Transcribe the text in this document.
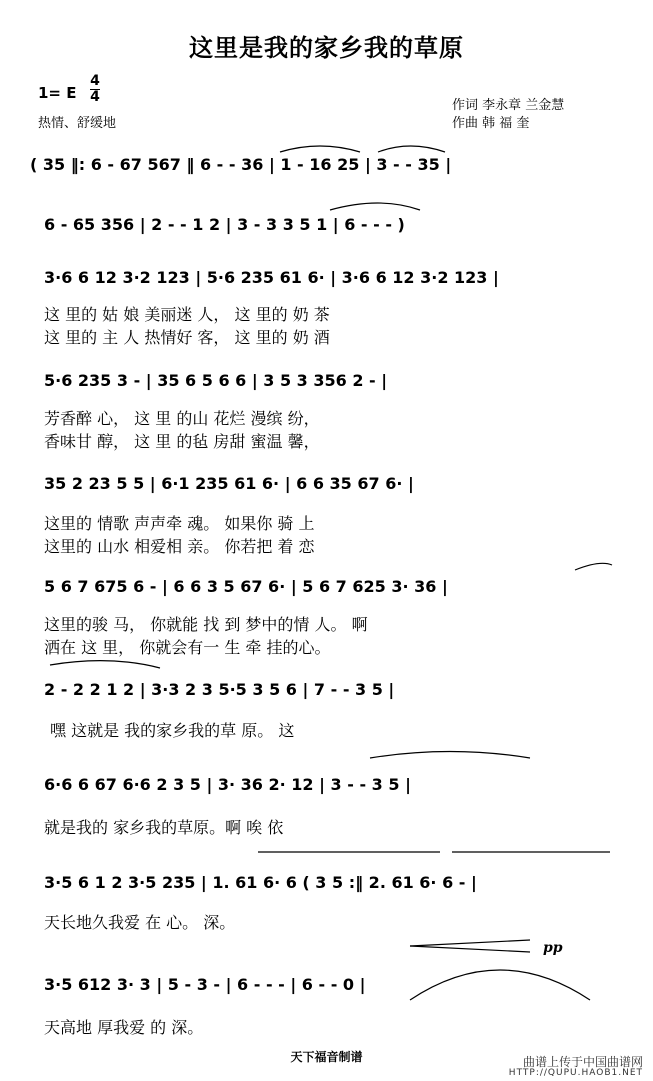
这里是我的家乡我的草原
1= E
4
4
热情、舒缓地
作词 李永章 兰金慧
作曲 韩 福 奎
( 35 ‖: 6 - 67 567 ‖ 6 - - 36 | 1 - 16 25 | 3 - - 35 |
6 - 65 356 | 2 - - 1 2 | 3 - 3 3 5 1 | 6 - - - )
3·6 6 12 3·2 123 | 5·6 235 61 6· | 3·6 6 12 3·2 123 |
这 里的 姑 娘 美丽迷 人， 这 里的 奶 茶
这 里的 主 人 热情好 客， 这 里的 奶 酒
5·6 235 3 - | 35 6 5 6 6 | 3 5 3 356 2 - |
芳香醉 心， 这 里 的山 花烂 漫缤 纷，
香味甘 醇， 这 里 的毡 房甜 蜜温 馨，
35 2 23 5 5 | 6·1 235 61 6· | 6 6 35 67 6· |
这里的 情歌 声声牵 魂。 如果你 骑 上
这里的 山水 相爱相 亲。 你若把 着 恋
5 6 7 675 6 - | 6 6 3 5 67 6· | 5 6 7 625 3· 36 |
这里的骏 马， 你就能 找 到 梦中的情 人。 啊
洒在 这 里， 你就会有一 生 牵 挂的心。
2 - 2 2 1 2 | 3·3 2 3 5·5 3 5 6 | 7 - - 3 5 |
嘿 这就是 我的家乡我的草 原。 这
6·6 6 67 6·6 2 3 5 | 3· 36 2· 12 | 3 - - 3 5 |
就是我的 家乡我的草原。啊 唉 依
3·5 6 1 2 3·5 235 | 1. 61 6· 6 ( 3 5 :‖ 2. 61 6· 6 - |
天长地久我爱 在 心。 深。
3·5 612 3· 3 | 5 - 3 - | 6 - - - | 6 - - 0 |
天高地 厚我爱 的 深。
pp
天下福音制谱	曲谱上传于中国曲谱网
HTTP://QUPU.HAOB1.NET
